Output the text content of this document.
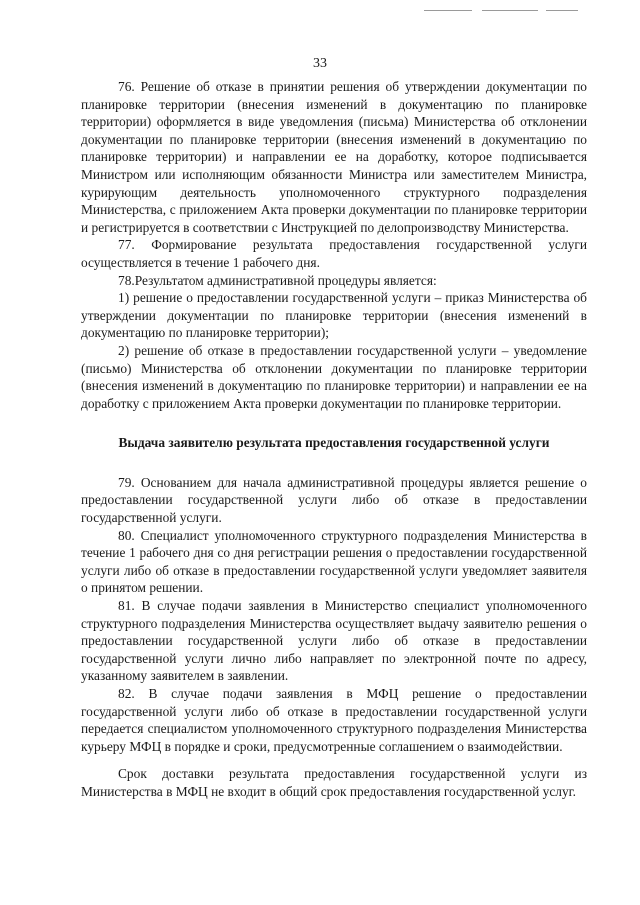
33

76. Решение об отказе в принятии решения об утверждении документации по планировке территории (внесения изменений в документацию по планировке территории) оформляется в виде уведомления (письма) Министерства об отклонении документации по планировке территории (внесения изменений в документацию по планировке территории) и направлении ее на доработку, которое подписывается Министром или исполняющим обязанности Министра или заместителем Министра, курирующим деятельность уполномоченного структурного подразделения Министерства, с приложением Акта проверки документации по планировке территории и регистрируется в соответствии с Инструкцией по делопроизводству Министерства.

77. Формирование результата предоставления государственной услуги осуществляется в течение 1 рабочего дня.

78.Результатом административной процедуры является:

1) решение о предоставлении государственной услуги – приказ Министерства об утверждении документации по планировке территории (внесения изменений в документацию по планировке территории);

2) решение об отказе в предоставлении государственной услуги – уведомление (письмо) Министерства об отклонении документации по планировке территории (внесения изменений в документацию по планировке территории) и направлении ее на доработку с приложением Акта проверки документации по планировке территории.

Выдача заявителю результата предоставления государственной услуги

79. Основанием для начала административной процедуры является решение о предоставлении государственной услуги либо об отказе в предоставлении государственной услуги.

80. Специалист уполномоченного структурного подразделения Министерства в течение 1 рабочего дня со дня регистрации решения о предоставлении государственной услуги либо об отказе в предоставлении государственной услуги уведомляет заявителя о принятом решении.

81. В случае подачи заявления в Министерство специалист уполномоченного структурного подразделения Министерства осуществляет выдачу заявителю решения о предоставлении государственной услуги либо об отказе в предоставлении государственной услуги лично либо направляет по электронной почте по адресу, указанному заявителем в заявлении.

82. В случае подачи заявления в МФЦ решение о предоставлении государственной услуги либо об отказе в предоставлении государственной услуги передается специалистом уполномоченного структурного подразделения Министерства курьеру МФЦ в порядке и сроки, предусмотренные соглашением о взаимодействии.

Срок доставки результата предоставления государственной услуги из Министерства в МФЦ не входит в общий срок предоставления государственной услуг.
